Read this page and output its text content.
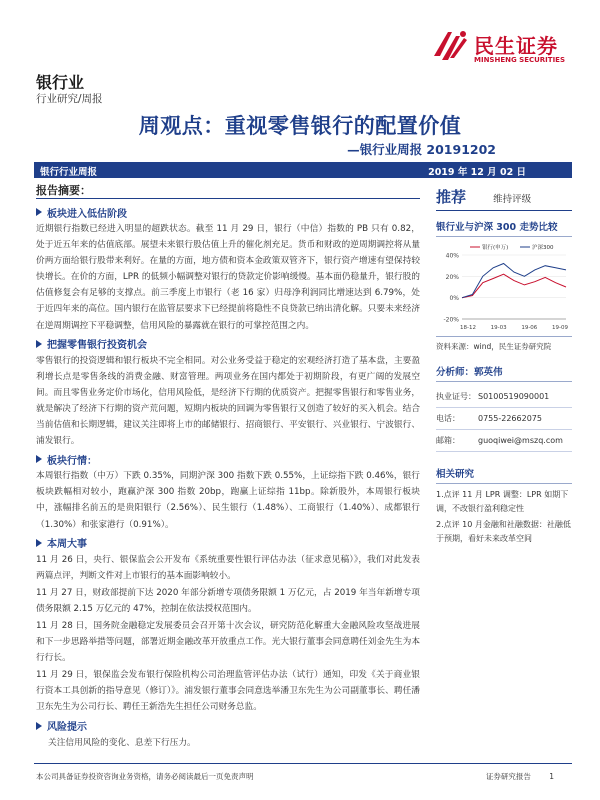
民生证券
MINSHENG SECURITIES
银行业
行业研究/周报
周观点：重视零售银行的配置价值
—银行业周报 20191202
银行行业周报	2019 年 12 月 02 日
报告摘要：
板块进入低估阶段

近期银行指数已经进入明显的超跌状态。截至 11 月 29 日，银行（中信）指数的 PB 只有 0.82，处于近五年来的估值底部。展望未来银行股估值上升的催化剂充足。货币和财政的逆周期调控将从量价两方面给银行股带来利好。在量的方面，地方债和资本金政策双管齐下，银行资产增速有望保持较快增长。在价的方面，LPR 的低频小幅调整对银行的贷款定价影响缓慢。基本面仍稳量升，银行股的估值修复会有足够的支撑点。前三季度上市银行（老 16 家）归母净利润同比增速达到 6.79%，处于近四年来的高位。国内银行在监管层要求下已经提前将隐性不良贷款已纳出清化解。只要未来经济在逆周期调控下平稳调整，信用风险的暴露就在银行的可掌控范围之内。

把握零售银行投资机会

零售银行的投资逻辑和银行板块不完全相同。对公业务受益于稳定的宏观经济打造了基本盘，主要盈利增长点是零售条线的消费金融、财富管理。两项业务在国内都处于初期阶段，有更广阔的发展空间。而且零售业务定价市场化，信用风险低，是经济下行期的优质资产。把握零售银行和零售业务，就是解决了经济下行期的资产荒问题，短期内板块的回调为零售银行又创造了较好的买入机会。结合当前估值和长期逻辑，建议关注即将上市的邮储银行、招商银行、平安银行、兴业银行、宁波银行、浦发银行。

板块行情：

本周银行指数（中万）下跌 0.35%，同期沪深 300 指数下跌 0.55%，上证综指下跌 0.46%，银行板块跌幅相对较小，跑赢沪深 300 指数 20bp，跑赢上证综指 11bp。除新股外，本周银行板块中，涨幅排名前五的是贵阳银行（2.56%）、民生银行（1.48%）、工商银行（1.40%）、成都银行（1.30%）和张家港行（0.91%）。

本周大事

11 月 26 日，央行、银保监会公开发布《系统重要性银行评估办法（征求意见稿）》，我们对此发表两篇点评，判断文件对上市银行的基本面影响较小。

11 月 27 日，财政部提前下达 2020 年部分新增专项债务限额 1 万亿元，占 2019 年当年新增专项债务限额 2.15 万亿元的 47%，控制在依法授权范围内。

11 月 28 日，国务院金融稳定发展委员会召开第十次会议，研究防范化解重大金融风险攻坚战进展和下一步思路举措等问题，部署近期金融改革开放重点工作。光大银行董事会同意聘任刘金先生为本行行长。

11 月 29 日，银保监会发布银行保险机构公司治理监管评估办法（试行）通知，印发《关于商业银行资本工具创新的指导意见（修订）》。浦发银行董事会同意选举潘卫东先生为公司副董事长、聘任潘卫东先生为公司行长、聘任王新浩先生担任公司财务总监。

风险提示

关注信用风险的变化、息差下行压力。

推荐	维持评级
银行业与沪深 300 走势比较
-20%
0%
20%
40%
18-12	19-03	19-06	19-09
银行(申万)	沪深300
资料来源：wind，民生证券研究院
分析师：郭英伟
执业证号： S0100519090001
电话：	0755-22662075
邮箱：	guoqiwei@mszq.com
相关研究
1.点评 11 月 LPR 调整：LPR 如期下调，不改银行盈利稳定性
2.点评 10 月金融和社融数据：社融低于预期，看好未来改革空间
本公司具备证券投资咨询业务资格，请务必阅读最后一页免责声明	证券研究报告 1
